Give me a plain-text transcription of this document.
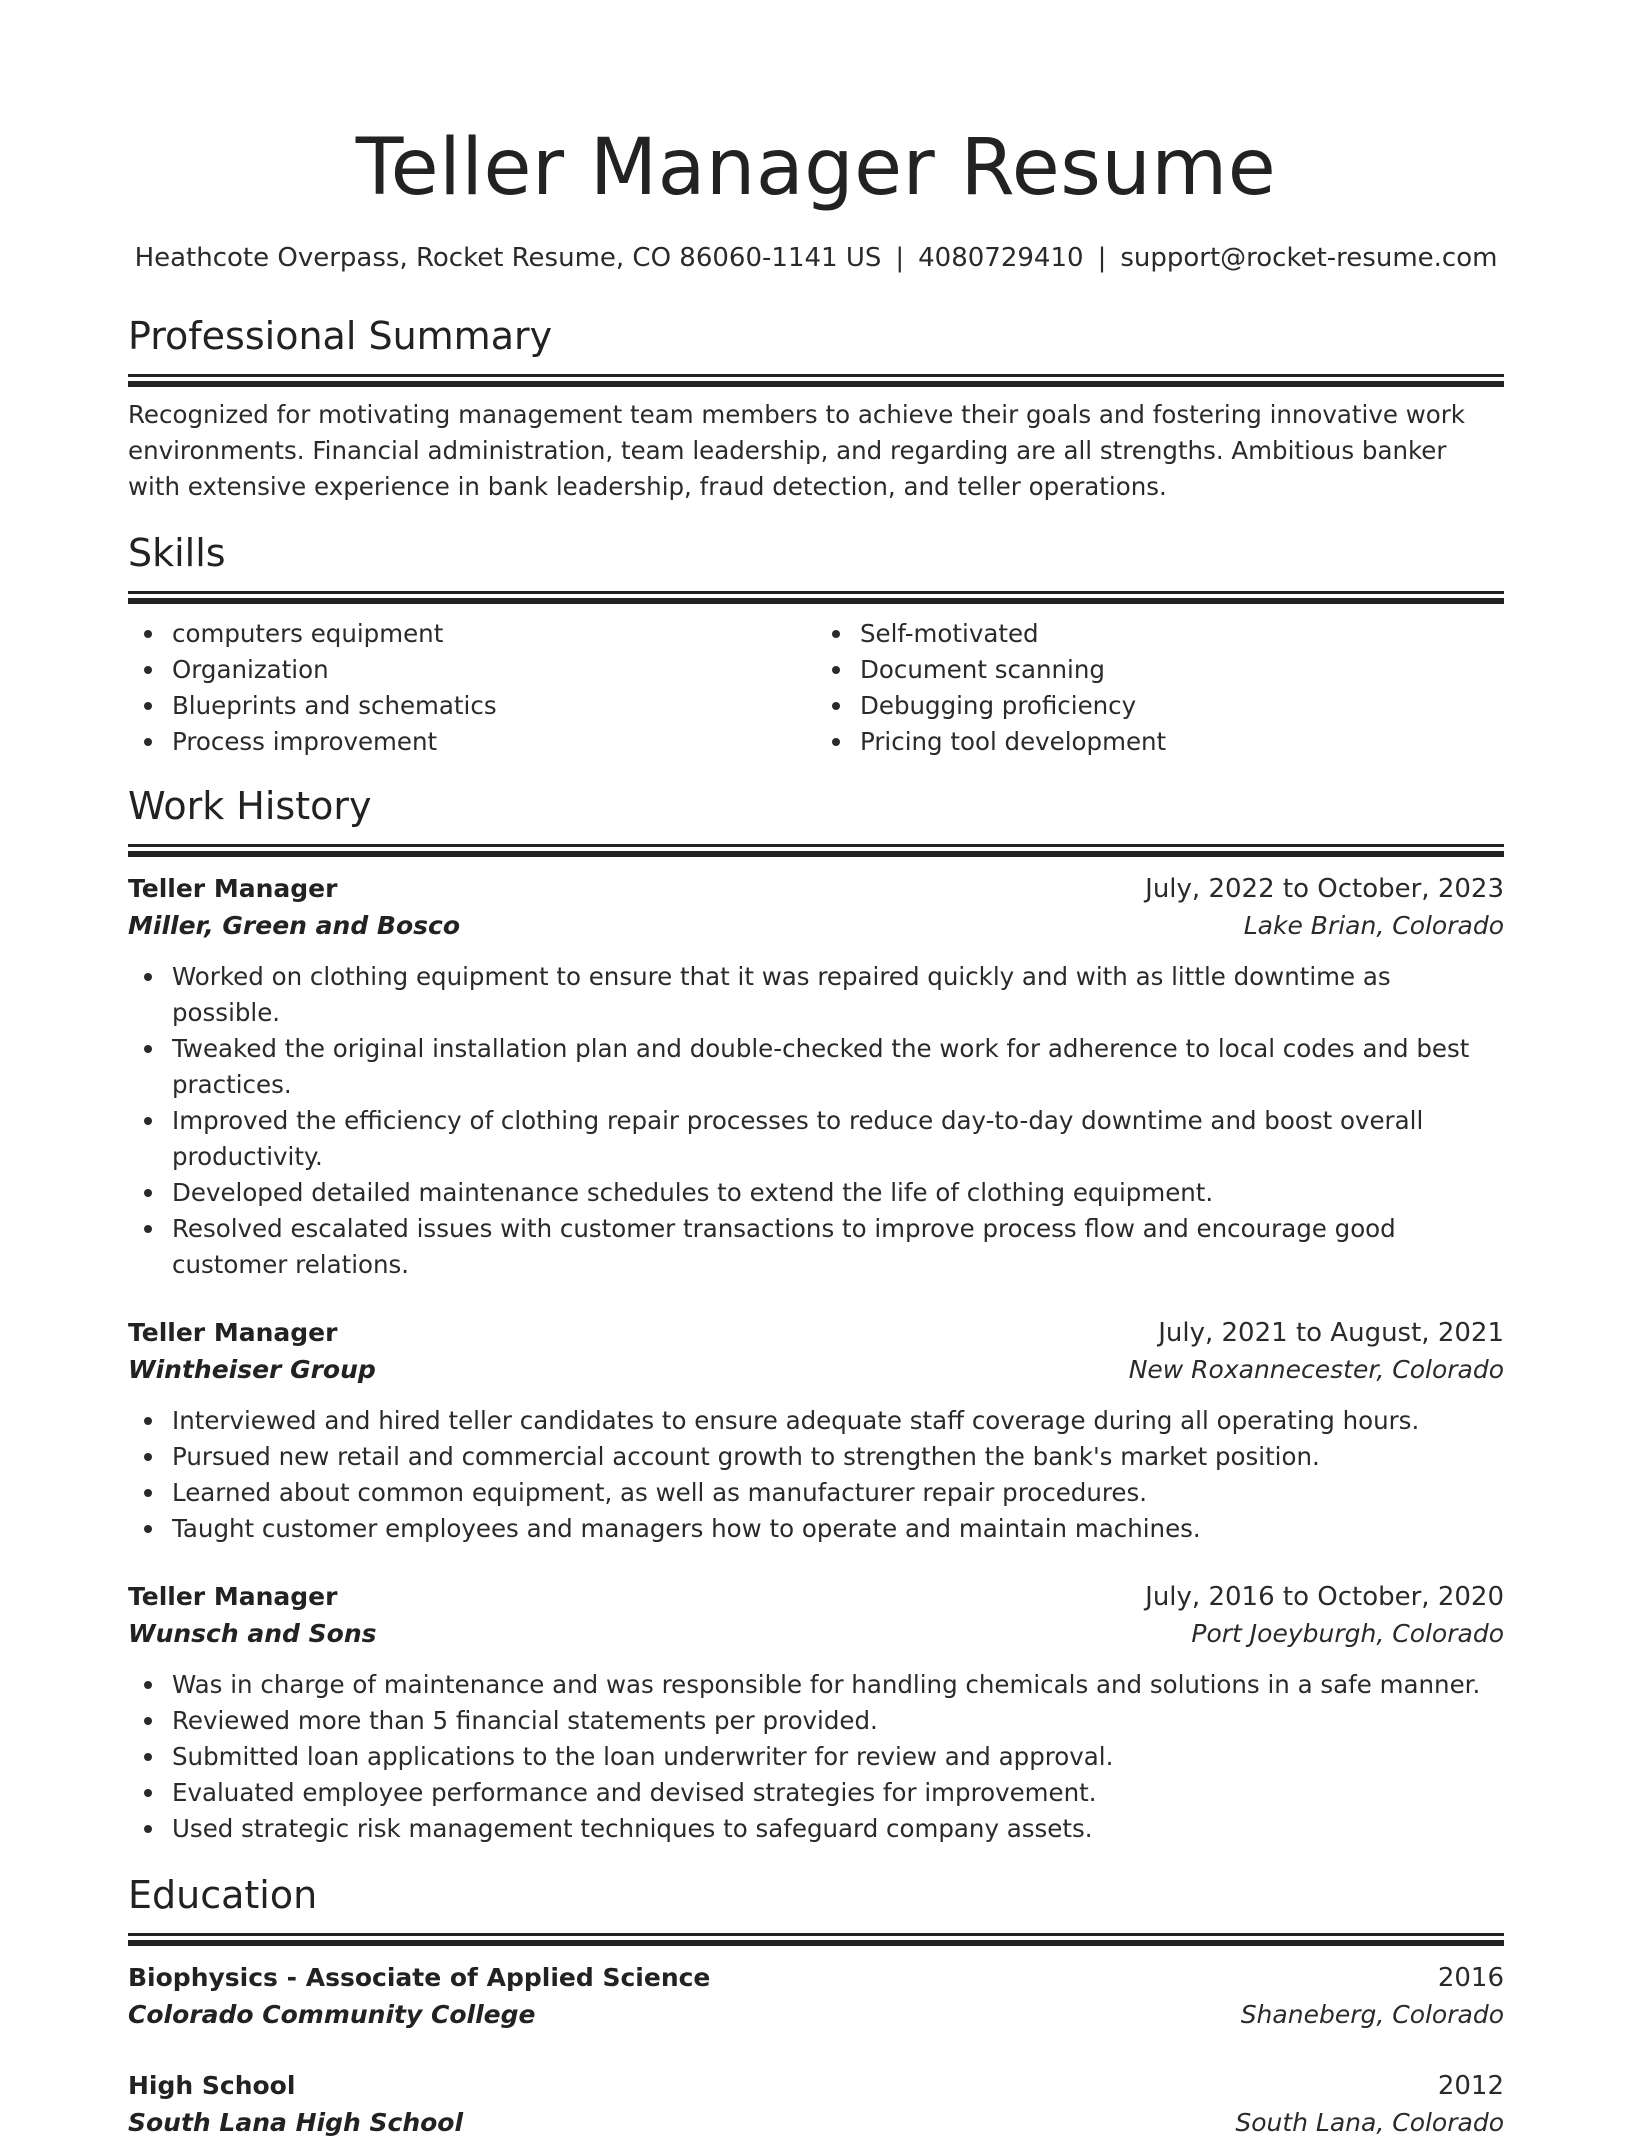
Teller Manager Resume
Heathcote Overpass, Rocket Resume, CO 86060-1141 US | 4080729410 | support@rocket-resume.com
Professional Summary

Recognized for motivating management team members to achieve their goals and fostering innovative work environments. Financial administration, team leadership, and regarding are all strengths. Ambitious banker with extensive experience in bank leadership, fraud detection, and teller operations.

Skills
computers equipment
Organization
Blueprints and schematics
Process improvement
Self-motivated
Document scanning
Debugging proficiency
Pricing tool development
Work History
Teller Manager	July, 2022 to October, 2023
Miller, Green and Bosco	Lake Brian, Colorado
Worked on clothing equipment to ensure that it was repaired quickly and with as little downtime as possible.
Tweaked the original installation plan and double-checked the work for adherence to local codes and best practices.
Improved the efficiency of clothing repair processes to reduce day-to-day downtime and boost overall productivity.
Developed detailed maintenance schedules to extend the life of clothing equipment.
Resolved escalated issues with customer transactions to improve process flow and encourage good customer relations.
Teller Manager	July, 2021 to August, 2021
Wintheiser Group	New Roxannecester, Colorado
Interviewed and hired teller candidates to ensure adequate staff coverage during all operating hours.
Pursued new retail and commercial account growth to strengthen the bank's market position.
Learned about common equipment, as well as manufacturer repair procedures.
Taught customer employees and managers how to operate and maintain machines.
Teller Manager	July, 2016 to October, 2020
Wunsch and Sons	Port Joeyburgh, Colorado
Was in charge of maintenance and was responsible for handling chemicals and solutions in a safe manner.
Reviewed more than 5 financial statements per provided.
Submitted loan applications to the loan underwriter for review and approval.
Evaluated employee performance and devised strategies for improvement.
Used strategic risk management techniques to safeguard company assets.
Education
Biophysics - Associate of Applied Science	2016
Colorado Community College	Shaneberg, Colorado
High School	2012
South Lana High School	South Lana, Colorado
